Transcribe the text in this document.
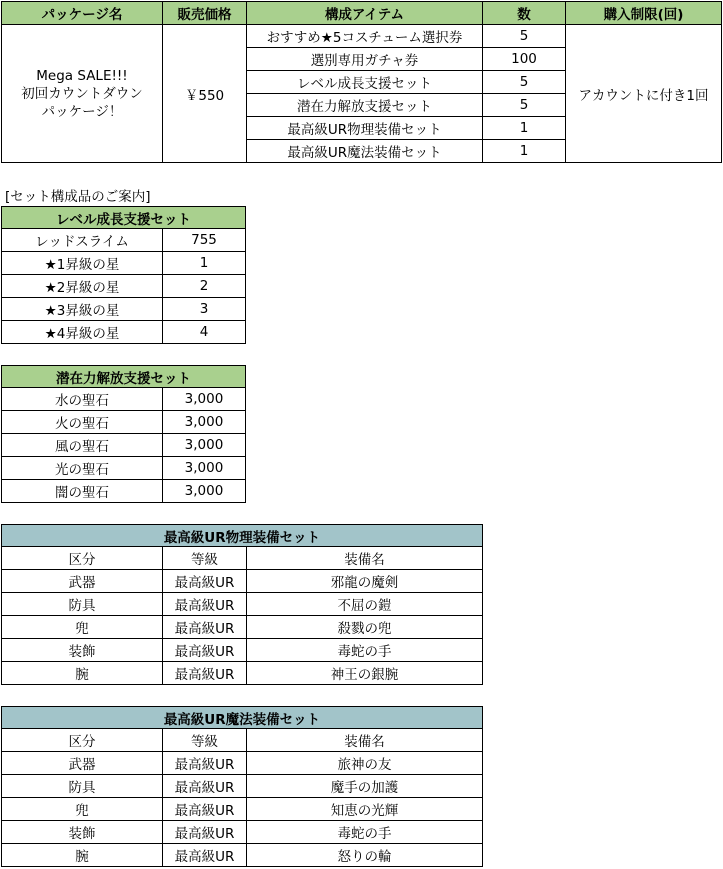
パッケージ名	販売価格	構成アイテム	数	購入制限(回)

Mega SALE!!!
初回カウントダウン
パッケージ！	￥550	おすすめ★5コスチューム選択券	5	アカウントに付き1回
		選別専用ガチャ券	100	
		レベル成長支援セット	5	
		潜在力解放支援セット	5	
		最高級UR物理装備セット	1	
		最高級UR魔法装備セット	1	
[セット構成品のご案内]
レベル成長支援セット	
レッドスライム	755
★1昇級の星	1
★2昇級の星	2
★3昇級の星	3
★4昇級の星	4
潜在力解放支援セット	
水の聖石	3,000
火の聖石	3,000
風の聖石	3,000
光の聖石	3,000
闇の聖石	3,000
最高級UR物理装備セット		
区分	等級	装備名
武器	最高級UR	邪龍の魔剣
防具	最高級UR	不屈の鎧
兜	最高級UR	殺戮の兜
装飾	最高級UR	毒蛇の手
腕	最高級UR	神王の銀腕
最高級UR魔法装備セット		
区分	等級	装備名
武器	最高級UR	旅神の友
防具	最高級UR	魔手の加護
兜	最高級UR	知恵の光輝
装飾	最高級UR	毒蛇の手
腕	最高級UR	怒りの輪
